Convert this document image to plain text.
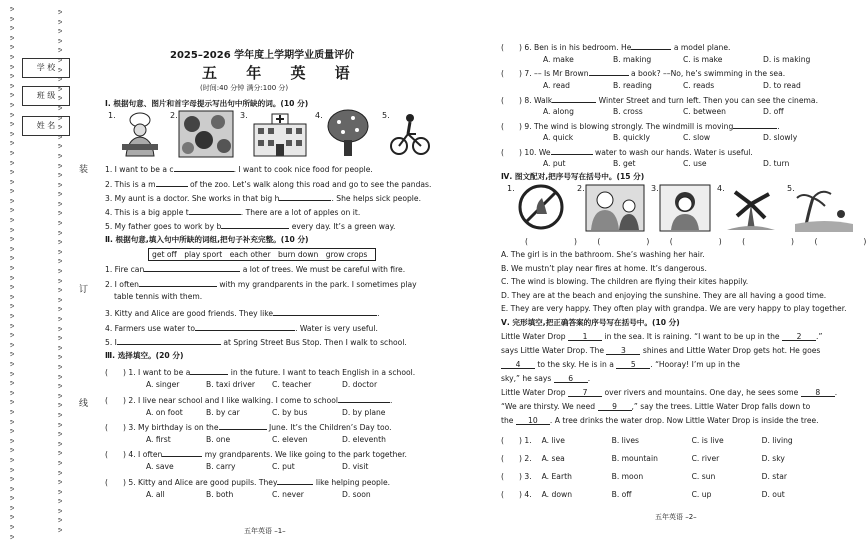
ᕗ
ᕗ
ᕗ
ᕗ
ᕗ
ᕗ
ᕗ
ᕗ
ᕗ
ᕗ
ᕗ
ᕗ
ᕗ
ᕗ
ᕗ
ᕗ
ᕗ
ᕗ
ᕗ
ᕗ
ᕗ
ᕗ
ᕗ
ᕗ
ᕗ
ᕗ
ᕗ
ᕗ
ᕗ
ᕗ
ᕗ
ᕗ
ᕗ
ᕗ
ᕗ
ᕗ
ᕗ
ᕗ
ᕗ
ᕗ
ᕗ
ᕗ
ᕗ
ᕗ
ᕗ
ᕗ
ᕗ
ᕗ
ᕗ
ᕗ
ᕗ
ᕗ
ᕗ
ᕗ
ᕗ
ᕗ
ᕗ
ᕗ
ᕗ
ᕗ
ᕗ
ᕗ
ᕗ
ᕗ
ᕗ
ᕗ
ᕗ
ᕗ
ᕗ
ᕗ
ᕗ
ᕗ
ᕗ
ᕗ
ᕗ
ᕗ
ᕗ
ᕗ
ᕗ
ᕗ
ᕗ
ᕗ
ᕗ
ᕗ
ᕗ
ᕗ
ᕗ
ᕗ
ᕗ
ᕗ
ᕗ
ᕗ
ᕗ
ᕗ
ᕗ
ᕗ
ᕗ
ᕗ
ᕗ
ᕗ
ᕗ
ᕗ
ᕗ
ᕗ
ᕗ
ᕗ
ᕗ
ᕗ
ᕗ
ᕗ
ᕗ
学 校
班 级
姓 名
装
订
线
2025–2026 学年度上学期学业质量评价
五 年 英 语
(时间:40 分钟 满分:100 分)
Ⅰ. 根据句意、图片和首字母提示写出句中所缺的词。(10 分)
1.	2.	3.	4.	5.
1. I want to be a c	. I want to cook nice food for people.
2. This is a m	of the zoo. Let’s walk along this road and go to see the pandas.
3. My aunt is a doctor. She works in that big h	. She helps sick people.
4. This is a big apple t	. There are a lot of apples on it.
5. My father goes to work by b	every day. It’s a green way.
Ⅱ. 根据句意,填入句中所缺的词组,把句子补充完整。(10 分)
get off play sport each other burn down grow crops
1. Fire can	a lot of trees. We must be careful with fire.
2. I often	with my grandparents in the park. I sometimes play
table tennis with them.
3. Kitty and Alice are good friends. They like	.
4. Farmers use water to	. Water is very useful.
5. I	at Spring Street Bus Stop. Then I walk to school.
Ⅲ. 选择填空。(20 分)
( ) 1. I want to be a	in the future. I want to teach English in a school.
A. singer	B. taxi driver C. teacher	D. doctor
( ) 2. I live near school and I like walking. I come to school	.
A. on foot	B. by car	C. by bus	D. by plane
( ) 3. My birthday is on the	June. It’s the Children’s Day too.
A. first	B. one	C. eleven	D. eleventh
( ) 4. I often	my grandparents. We like going to the park together.
A. save	B. carry	C. put	D. visit
( ) 5. Kitty and Alice are good pupils. They	like helping people.
A. all	B. both	C. never	D. soon
五年英语 –1–
( ) 6. Ben is in his bedroom. He	a model plane.
A. make	B. making	C. is make	D. is making
( ) 7. –– Is Mr Brown	a book? ––No, he’s swimming in the sea.
A. read	B. reading	C. reads	D. to read
( ) 8. Walk	Winter Street and turn left. Then you can see the cinema.
A. along	B. cross	C. between	D. off
( ) 9. The wind is blowing strongly. The windmill is moving	.
A. quick	B. quickly	C. slow	D. slowly
( ) 10. We	water to wash our hands. Water is useful.
A. put	B. get	C. use	D. turn
Ⅳ. 图文配对,把序号写在括号中。(15 分)
1.	2.	3.	4.	5.
(	)	(	)	(	)	(	)	(	)
A. The girl is in the bathroom. She’s washing her hair.
B. We mustn’t play near fires at home. It’s dangerous.
C. The wind is blowing. The children are flying their kites happily.
D. They are at the beach and enjoying the sunshine. They are all having a good time.
E. They are very happy. They often play with grandpa. We are very happy to play together.
Ⅴ. 完形填空,把正确答案的序号写在括号中。(10 分)
Little Water Drop 1 in the sea. It is raining. “I want to be up in the 2 .”
says Little Water Drop. The 3 shines and Little Water Drop gets hot. He goes
4 to the sky. He is in a 5 . “Hooray! I’m up in the
sky,” he says 6 .
Little Water Drop 7 over rivers and mountains. One day, he sees some 8 .
“We are thirsty. We need 9 ,” say the trees. Little Water Drop falls down to
the 10 . A tree drinks the water drop. Now Little Water Drop is inside the tree.
( ) 1. A. live	B. lives	C. is live	D. living
( ) 2. A. sea	B. mountain	C. river	D. sky
( ) 3. A. Earth	B. moon	C. sun	D. star
( ) 4. A. down	B. off	C. up	D. out
五年英语 –2–
